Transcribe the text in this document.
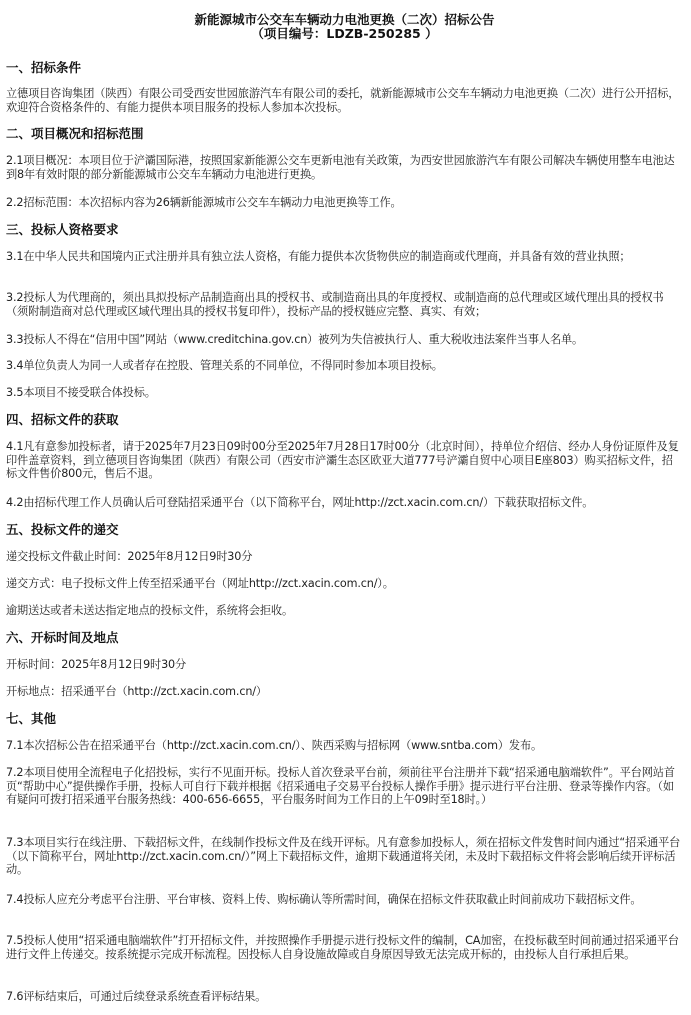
新能源城市公交车车辆动力电池更换（二次）招标公告
（项目编号：LDZB-250285 ）
一、招标条件
立德项目咨询集团（陕西）有限公司受西安世园旅游汽车有限公司的委托，就新能源城市公交车车辆动力电池更换（二次）进行公开招标，欢迎符合资格条件的、有能力提供本项目服务的投标人参加本次投标。
二、项目概况和招标范围
2.1项目概况：本项目位于浐灞国际港，按照国家新能源公交车更新电池有关政策，为西安世园旅游汽车有限公司解决车辆使用整车电池达到8年有效时限的部分新能源城市公交车车辆动力电池进行更换。
2.2招标范围：本次招标内容为26辆新能源城市公交车车辆动力电池更换等工作。
三、投标人资格要求
3.1在中华人民共和国境内正式注册并具有独立法人资格，有能力提供本次货物供应的制造商或代理商，并具备有效的营业执照；
3.2投标人为代理商的，须出具拟投标产品制造商出具的授权书、或制造商出具的年度授权、或制造商的总代理或区域代理出具的授权书（须附制造商对总代理或区域代理出具的授权书复印件），投标产品的授权链应完整、真实、有效；
3.3投标人不得在“信用中国”网站（www.creditchina.gov.cn）被列为失信被执行人、重大税收违法案件当事人名单。
3.4单位负责人为同一人或者存在控股、管理关系的不同单位，不得同时参加本项目投标。
3.5本项目不接受联合体投标。
四、招标文件的获取
4.1凡有意参加投标者，请于2025年7月23日09时00分至2025年7月28日17时00分（北京时间），持单位介绍信、经办人身份证原件及复印件盖章资料，到立德项目咨询集团（陕西）有限公司（西安市浐灞生态区欧亚大道777号浐灞自贸中心项目E座803）购买招标文件，招标文件售价800元，售后不退。
4.2由招标代理工作人员确认后可登陆招采通平台（以下简称平台，网址http://zct.xacin.com.cn/）下载获取招标文件。
五、投标文件的递交
递交投标文件截止时间：2025年8月12日9时30分
递交方式：电子投标文件上传至招采通平台（网址http://zct.xacin.com.cn/）。
逾期送达或者未送达指定地点的投标文件，系统将会拒收。
六、开标时间及地点
开标时间：2025年8月12日9时30分
开标地点：招采通平台（http://zct.xacin.com.cn/）
七、其他
7.1本次招标公告在招采通平台（http://zct.xacin.com.cn/）、陕西采购与招标网（www.sntba.com）发布。
7.2本项目使用全流程电子化招投标，实行不见面开标。投标人首次登录平台前，须前往平台注册并下载“招采通电脑端软件”。平台网站首页“帮助中心”提供操作手册，投标人可自行下载并根据《招采通电子交易平台投标人操作手册》提示进行平台注册、登录等操作内容。（如有疑问可拨打招采通平台服务热线：400-656-6655，平台服务时间为工作日的上午09时至18时。）
7.3本项目实行在线注册、下载招标文件，在线制作投标文件及在线开评标。凡有意参加投标人，须在招标文件发售时间内通过“招采通平台（以下简称平台，网址http://zct.xacin.com.cn/）”网上下载招标文件，逾期下载通道将关闭，未及时下载招标文件将会影响后续开评标活动。
7.4投标人应充分考虑平台注册、平台审核、资料上传、购标确认等所需时间，确保在招标文件获取截止时间前成功下载招标文件。
7.5投标人使用“招采通电脑端软件”打开招标文件，并按照操作手册提示进行投标文件的编制，CA加密，在投标截至时间前通过招采通平台进行文件上传递交。按系统提示完成开标流程。因投标人自身设施故障或自身原因导致无法完成开标的，由投标人自行承担后果。
7.6评标结束后，可通过后续登录系统查看评标结果。
